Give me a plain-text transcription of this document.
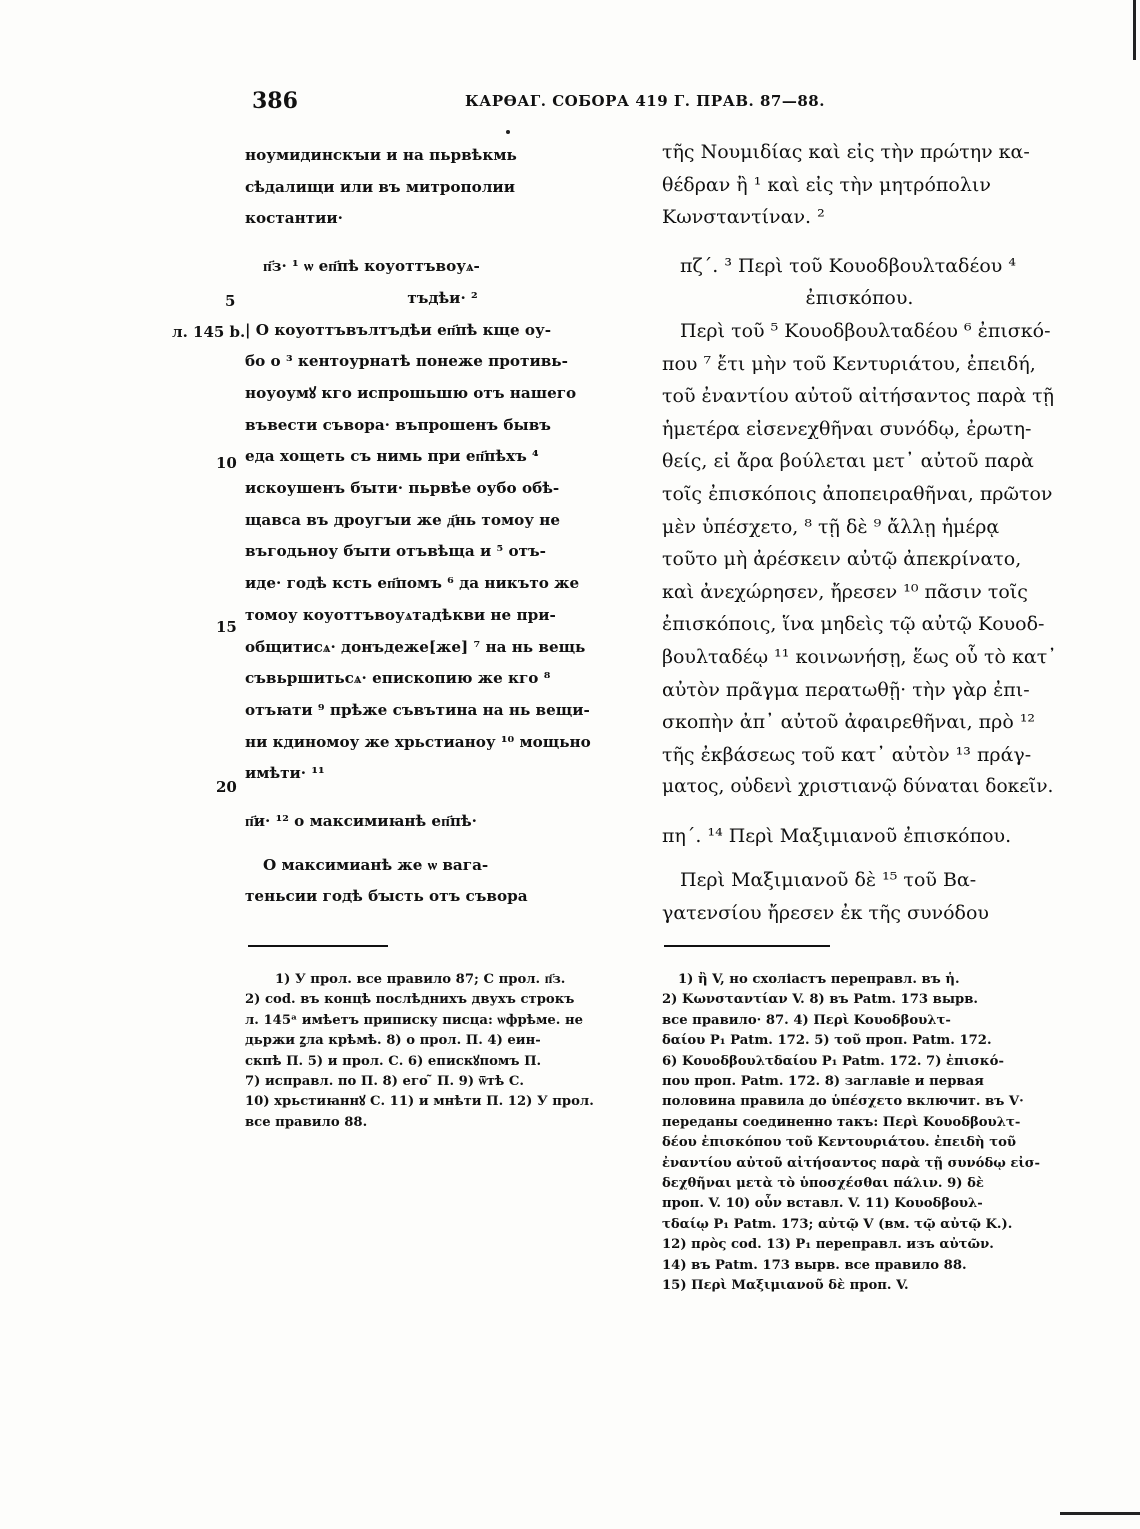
386	КАРѲАГ. СОБОРА 419 Г. ПРАВ. 87—88.
5
л. 145 b.
10
15
20
ноумидинскꙑи и на пьрвѣкмь
сѣдалищи или въ митрополии
костантии·
п҃з· ¹ ѡ еп҃пѣ коуоттъвоуѧ-
тъдѣи· ²
| О коуоттъвълтъдѣи еп҃пѣ кще оу-
бо о ³ кентоурнатѣ понеже противь-
ноуоумꙋ кго испрошьшю отъ нашего
въвести съвора· въпрошенъ бывъ
еда хощеть съ нимь при еп҃пѣхъ ⁴
искоушенъ бꙑти· пьрвѣе оубо обѣ-
щавса въ дроугꙑи же д҃нь томоу не
въгодьноу бꙑти отъвѣща и ⁵ отъ-
иде· годѣ ксть еп҃помъ ⁶ да никъто же
томоу коуоттъвоуѧтадѣкви не при-
общитисѧ· донъдеже[же] ⁷ на нь вещь
съвьршитьсѧ· епископию же кго ⁸
отъꙗти ⁹ прѣже съвътина на нь вещи-
ни кдиномоу же хрьстианоу ¹⁰ мощьно
имѣти· ¹¹
п҃и· ¹² о максимиꙗнѣ еп҃пѣ·
О максимианѣ же ѡ вага-
теньсии годѣ бꙑсть отъ съвора
τῆς Νουμιδίας καὶ εἰς τὴν πρώτην κα-
θέδραν ἢ ¹ καὶ εἰς τὴν μητρόπολιν
Κωνσταντίναν. ²
πζ΄. ³ Περὶ τοῦ Κουοδβουλταδέου ⁴
ἐπισκόπου.
Περὶ τοῦ ⁵ Κουοδβουλταδέου ⁶ ἐπισκό-
που ⁷ ἔτι μὴν τοῦ Κεντυριάτου, ἐπειδή,
τοῦ ἐναντίου αὐτοῦ αἰτήσαντος παρὰ τῇ
ἡμετέρα εἰσενεχθῆναι συνόδῳ, ἐρωτη-
θείς, εἰ ἄρα βούλεται μετ᾽ αὐτοῦ παρὰ
τοῖς ἐπισκόποις ἀποπειραθῆναι, πρῶτον
μὲν ὑπέσχετο, ⁸ τῇ δὲ ⁹ ἄλλῃ ἡμέρᾳ
τοῦτο μὴ ἀρέσκειν αὐτῷ ἀπεκρίνατο,
καὶ ἀνεχώρησεν, ἤρεσεν ¹⁰ πᾶσιν τοῖς
ἐπισκόποις, ἵνα μηδεὶς τῷ αὐτῷ Κουοδ-
βουλταδέῳ ¹¹ κοινωνήσῃ, ἕως οὗ τὸ κατ᾽
αὐτὸν πρᾶγμα περατωθῇ· τὴν γὰρ ἐπι-
σκοπὴν ἀπ᾽ αὐτοῦ ἀφαιρεθῆναι, πρὸ ¹²
τῆς ἐκβάσεως τοῦ κατ᾽ αὐτὸν ¹³ πράγ-
ματος, οὐδενὶ χριστιανῷ δύναται δοκεῖν.
πη΄. ¹⁴ Περὶ Μαξιμιανοῦ ἐπισκόπου.
Περὶ Μαξιμιανοῦ δὲ ¹⁵ τοῦ Βα-
γατενσίου ἤρεσεν ἐκ τῆς συνόδου
1) У прол. все правило 87; С прол. п҃з.
2) cod. въ концѣ послѣднихъ двухъ строкъ
л. 145ᵃ имѣетъ приписку писца: ѡфрѣме. не
дьржи ꙁла крѣмѣ. 8) о прол. П. 4) еин-
скпѣ П. 5) и прол. С. 6) епискꙋпомъ П.
7) исправл. по П. 8) его ̃ П. 9) ѿтѣ С.
10) хрьстиꙗннꙋ С. 11) и мнѣти П. 12) У прол.
все правило 88.
1) ἢ V, но схоліастъ переправл. въ ἡ.
2) Κωνσταντίαν V. 8) въ Patm. 173 вырв.
все правило· 87. 4) Περὶ Κουοδβουλτ-
δαίου P₁ Patm. 172. 5) τοῦ проп. Patm. 172.
6) Κουοδβουλτδαίου P₁ Patm. 172. 7) ἐπισκό-
που проп. Patm. 172. 8) заглавіе и первая
половина правила до ὑπέσχετο включит. въ V·
переданы соединенно такъ: Περὶ Κουοδβουλτ-
δέου ἐπισκόπου τοῦ Κεντουριάτου. ἐπειδὴ τοῦ
ἐναντίου αὐτοῦ αἰτήσαντος παρὰ τῇ συνόδῳ εἰσ-
δεχθῆναι μετὰ τὸ ὑποσχέσθαι πάλιν. 9) δὲ
проп. V. 10) οὖν вставл. V. 11) Κουοδβουλ-
τδαίῳ P₁ Patm. 173; αὐτῷ V (вм. τῷ αὐτῷ K.).
12) πρὸς cod. 13) P₁ переправл. изъ αὐτῶν.
14) въ Patm. 173 вырв. все правило 88.
15) Περὶ Μαξιμιανοῦ δὲ проп. V.
